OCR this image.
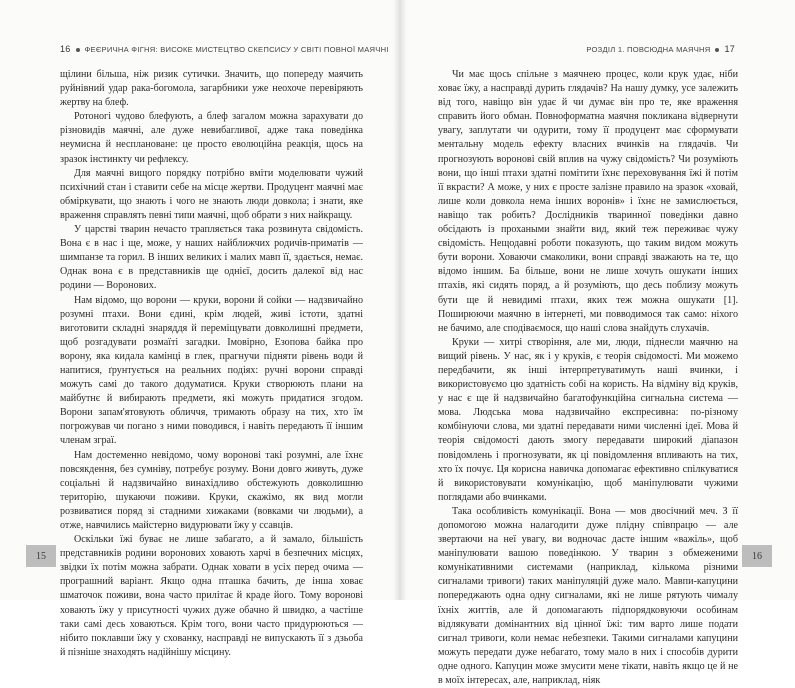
16 ФЕЄРИЧНА ФІГНЯ: ВИСОКЕ МИСТЕЦТВО СКЕПСИСУ У СВІТІ ПОВНОЇ МАЯЧНІ

щілини більша, ніж ризик сутички. Значить, що попереду маячить руйнівний удар рака-богомола, загарбники уже неохоче перевіряють жертву на блеф.

Ротоногі чудово блефують, а блеф загалом можна зарахувати до різновидів маячні, але дуже невибагливої, адже така поведінка неумисна й несплановане: це просто еволюційна реакція, щось на зразок інстинкту чи рефлексу.

Для маячні вищого порядку потрібно вміти моделювати чужий психічний стан і ставити себе на місце жертви. Продуцент маячні має обміркувати, що знають і чого не знають люди довкола; і знати, яке враження справлять певні типи маячні, щоб обрати з них найкращу.

У царстві тварин нечасто трапляється така розвинута свідомість. Вона є в нас і ще, може, у наших найближчих родичів-приматів — шимпанзе та горил. В інших великих і малих мавп її, здається, немає. Однак вона є в представників ще однієї, досить далекої від нас родини — Воронових.

Нам відомо, що ворони — круки, ворони й сойки — надзвичайно розумні птахи. Вони єдині, крім людей, живі істоти, здатні виготовити складні знаряддя й переміщувати довколишні предмети, щоб розгадувати розмаїті загадки. Імовірно, Езопова байка про ворону, яка кидала камінці в глек, прагнучи підняти рівень води й напитися, ґрунтується на реальних подіях: ручні ворони справді можуть самі до такого додуматися. Круки створюють плани на майбутнє й вибирають предмети, які можуть придатися згодом. Ворони запам'ятовують обличчя, тримають образу на тих, хто їм погрожував чи погано з ними поводився, і навіть передають її іншим членам зграї.

Нам достеменно невідомо, чому воронові такі розумні, але їхнє повсякдення, без сумніву, потребує розуму. Вони довго живуть, дуже соціальні й надзвичайно винахідливо обстежують довколишню територію, шукаючи поживи. Круки, скажімо, як вид могли розвиватися поряд зі стадними хижаками (вовками чи людьми), а отже, навчились майстерно видурювати їжу у ссавців.

Оскільки їжі буває не лише забагато, а й замало, більшість представників родини воронових ховають харчі в безпечних місцях, звідки їх потім можна забрати. Однак ховати в усіх перед очима — програшний варіант. Якщо одна пташка бачить, де інша ховає шматочок поживи, вона часто прилітає й краде його. Тому воронові ховають їжу у присутності чужих дуже обачно й швидко, а частіше таки самі десь ховаються. Крім того, вони часто придурюються — нібито поклавши їжу у схованку, насправді не випускають її з дзьоба й пізніше знаходять надійнішу місцину.

15
РОЗДІЛ 1. ПОВСЮДНА МАЯЧНЯ 17

Чи має щось спільне з маячнею процес, коли крук удає, ніби ховає їжу, а насправді дурить глядачів? На нашу думку, усе залежить від того, навіщо він удає й чи думає він про те, яке враження справить його обман. Повноформатна маячня покликана відвернути увагу, заплутати чи одурити, тому її продуцент має сформувати ментальну модель ефекту власних вчинків на глядачів. Чи прогнозують воронові свій вплив на чужу свідомість? Чи розуміють вони, що інші птахи здатні помітити їхнє переховування їжі й потім її вкрасти? А може, у них є просте залізне правило на зразок «ховай, лише коли довкола нема інших воронів» і їхнє не замислюється, навіщо так робить? Дослідників тваринної поведінки давно обсідають із прохаными знайти вид, який теж переживає чужу свідомість. Нещодавні роботи показують, що таким видом можуть бути ворони. Ховаючи смаколики, вони справді зважають на те, що відомо іншим. Ба більше, вони не лише хочуть ошукати інших птахів, які сидять поряд, а й розуміють, що десь поблизу можуть бути ще й невидимі птахи, яких теж можна ошукати [1]. Поширюючи маячню в інтернеті, ми повводимося так само: ніхого не бачимо, але сподіваємося, що наші слова знайдуть слухачів.

Круки — хитрі створіння, але ми, люди, піднесли маячню на вищий рівень. У нас, як і у круків, є теорія свідомості. Ми можемо передбачити, як інші інтерпретуватимуть наші вчинки, і використовуємо цю здатність собі на користь. На відміну від круків, у нас є ще й надзвичайно багатофункційна сигнальна система — мова. Людська мова надзвичайно експресивна: по-різному комбінуючи слова, ми здатні передавати ними численні ідеї. Мова й теорія свідомості дають змогу передавати широкий діапазон повідомлень і прогнозувати, як ці повідомлення впливають на тих, хто їх почує. Ця корисна навичка допомагає ефективно спілкуватися й використовувати комунікацію, щоб маніпулювати чужими поглядами або вчинками.

Така особливість комунікації. Вона — мов двосічний меч. З її допомогою можна налагодити дуже плідну співпрацю — але звертаючи на неї увагу, ви водночас дасте іншим «важіль», щоб маніпулювати вашою поведінкою. У тварин з обмеженими комунікативними системами (наприклад, кількома різними сигналами тривоги) таких маніпуляцій дуже мало. Мавпи-капуцини попереджають одна одну сигналами, які не лише рятують чималу їхніх життів, але й допомагають підпорядковуючи особинам відлякувати домінантних від цінної їжі: тим варто лише подати сигнал тривоги, коли немає небезпеки. Такими сигналами капуцини можуть передати дуже небагато, тому мало в них і способів дурити одне одного. Капуцин може змусити мене тікати, навіть якщо це й не в моїх інтересах, але, наприклад, ніяк

16
